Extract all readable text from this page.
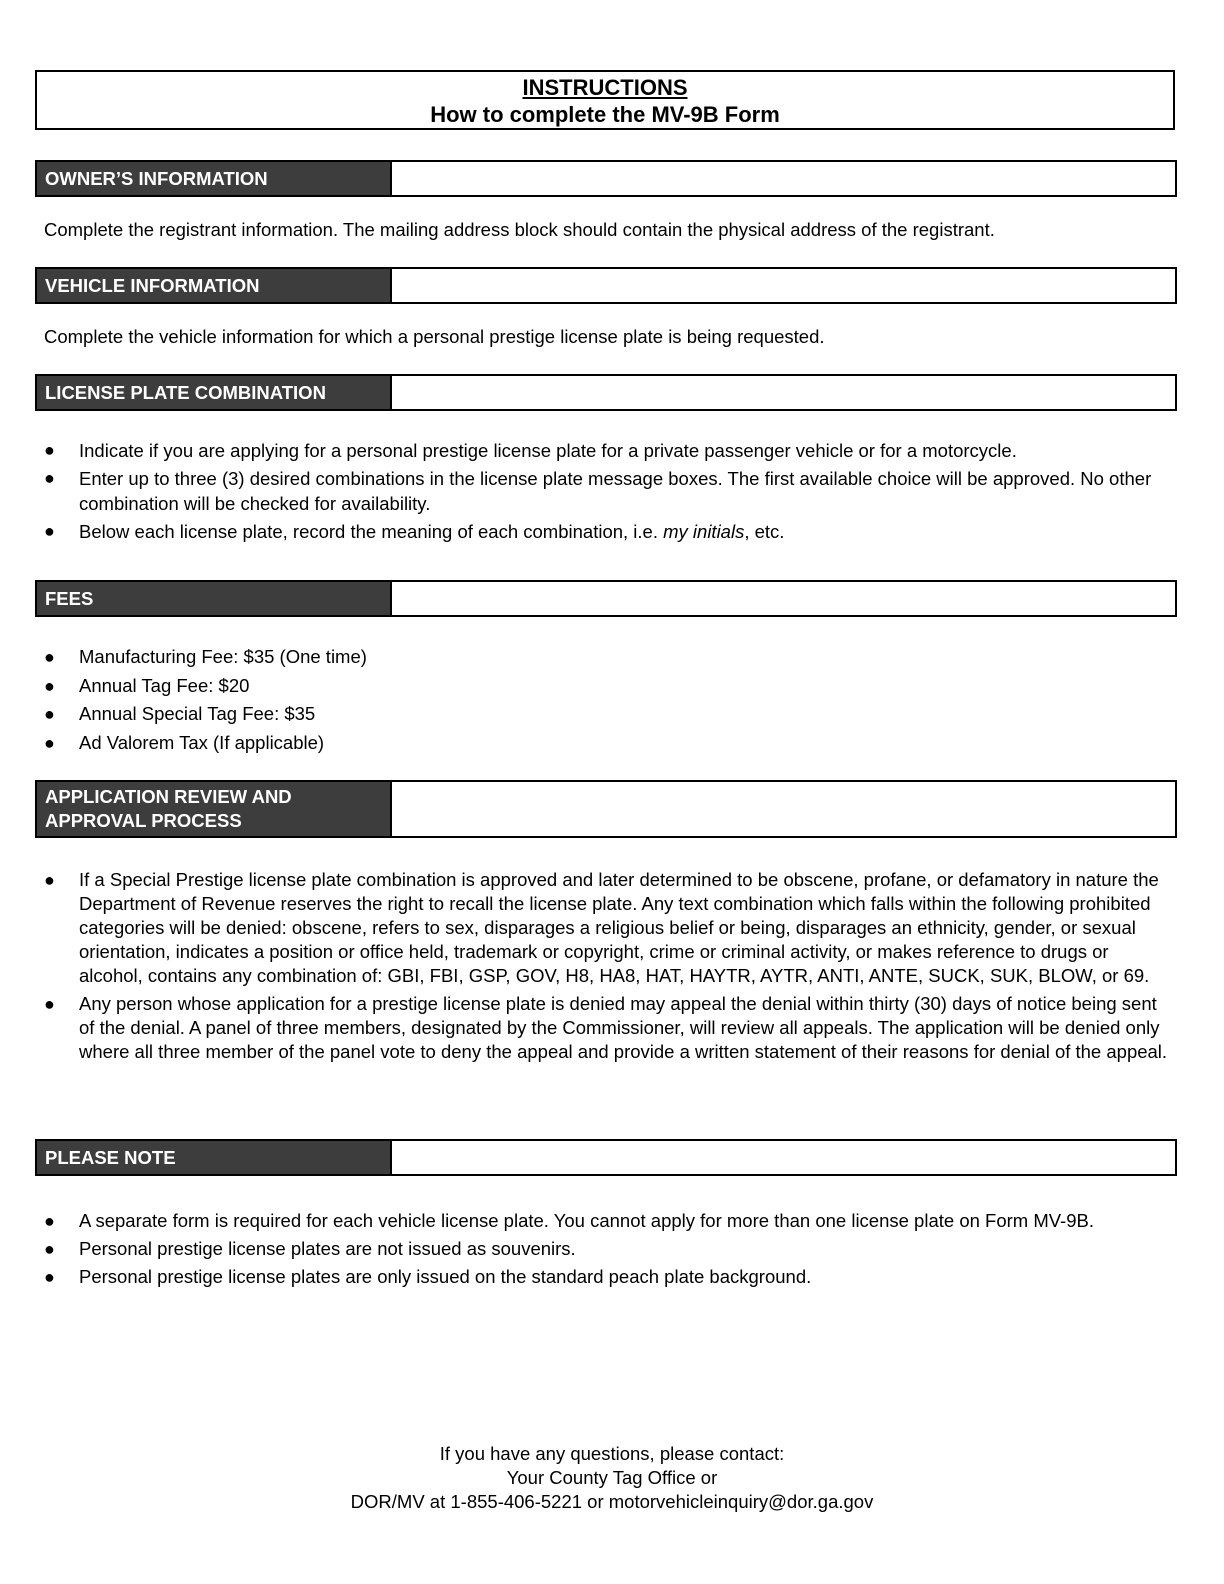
INSTRUCTIONS
How to complete the MV-9B Form
OWNER’S INFORMATION
Complete the registrant information. The mailing address block should contain the physical address of the registrant.
VEHICLE INFORMATION
Complete the vehicle information for which a personal prestige license plate is being requested.
LICENSE PLATE COMBINATION
● Indicate if you are applying for a personal prestige license plate for a private passenger vehicle or for a motorcycle.
● Enter up to three (3) desired combinations in the license plate message boxes. The first available choice will be approved. No other combination will be checked for availability.
● Below each license plate, record the meaning of each combination, i.e. my initials, etc.
FEES
● Manufacturing Fee: $35 (One time)
● Annual Tag Fee: $20
● Annual Special Tag Fee: $35
● Ad Valorem Tax (If applicable)
APPLICATION REVIEW AND
APPROVAL PROCESS
● If a Special Prestige license plate combination is approved and later determined to be obscene, profane, or defamatory in nature the Department of Revenue reserves the right to recall the license plate. Any text combination which falls within the following prohibited categories will be denied: obscene, refers to sex, disparages a religious belief or being, disparages an ethnicity, gender, or sexual orientation, indicates a position or office held, trademark or copyright, crime or criminal activity, or makes reference to drugs or alcohol, contains any combination of: GBI, FBI, GSP, GOV, H8, HA8, HAT, HAYTR, AYTR, ANTI, ANTE, SUCK, SUK, BLOW, or 69.
● Any person whose application for a prestige license plate is denied may appeal the denial within thirty (30) days of notice being sent of the denial. A panel of three members, designated by the Commissioner, will review all appeals. The application will be denied only where all three member of the panel vote to deny the appeal and provide a written statement of their reasons for denial of the appeal.
PLEASE NOTE
● A separate form is required for each vehicle license plate. You cannot apply for more than one license plate on Form MV-9B.
● Personal prestige license plates are not issued as souvenirs.
● Personal prestige license plates are only issued on the standard peach plate background.
If you have any questions, please contact:
Your County Tag Office or
DOR/MV at 1-855-406-5221 or motorvehicleinquiry@dor.ga.gov
